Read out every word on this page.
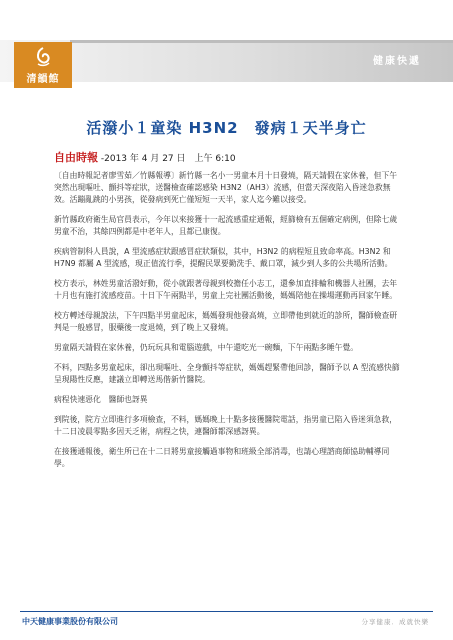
清韻館
健康快遞
活潑小１童染 H3N2　發病１天半身亡
自由時報 -2013 年 4 月 27 日　上午 6:10

〔自由時報記者廖雪茹／竹縣報導〕新竹縣一名小一男童本月十日發燒，隔天請假在家休養，但下午突然出現嘔吐、顫抖等症狀，送醫檢查確認感染 H3N2（AH3）流感，但當天深夜陷入昏迷急救無效。活蹦亂跳的小男孩，從發病到死亡僅短短一天半，家人迄今難以接受。

新竹縣政府衛生局官員表示，今年以來接獲十一起流感重症通報，經篩檢有五個確定病例，但除七歲男童不治，其餘四例都是中老年人，且都已康復。

疾病管制科人員說，A 型流感症狀跟感冒症狀類似，其中，H3N2 的病程短且致命率高。H3N2 和 H7N9 都屬 A 型流感，現正值流行季，提醒民眾要勤洗手、戴口罩，減少到人多的公共場所活動。

校方表示，林姓男童活潑好動，從小就跟著母親到校擔任小志工，還參加直排輪和機器人社團，去年十月也有施打流感疫苗。十日下午兩點半，男童上完社團活動後，媽媽陪他在操場運動再回家午睡。

校方轉述母親說法，下午四點半男童起床，媽媽發現他發高燒，立即帶他到就近的診所，醫師檢查研判是一般感冒，服藥後一度退燒，到了晚上又發燒。

男童隔天請假在家休養，仍玩玩具和電腦遊戲，中午還吃光一碗麵，下午兩點多睡午覺。

不料，四點多男童起床，卻出現嘔吐、全身顫抖等症狀，媽媽趕緊帶他回診，醫師予以 A 型流感快篩呈現陽性反應，建議立即轉送馬偕新竹醫院。

病程快速惡化　醫師也訝異

到院後，院方立即進行多項檢查，不料，媽媽晚上十點多接獲醫院電話，指男童已陷入昏迷須急救，十二日凌晨零點多因天乏術，病程之快，連醫師都深感訝異。

在接獲通報後，衛生所已在十二日將男童接觸過事物和班級全部消毒，也請心理諮商師協助輔導同學。

中天健康事業股份有限公司	分享健康．成就快樂
